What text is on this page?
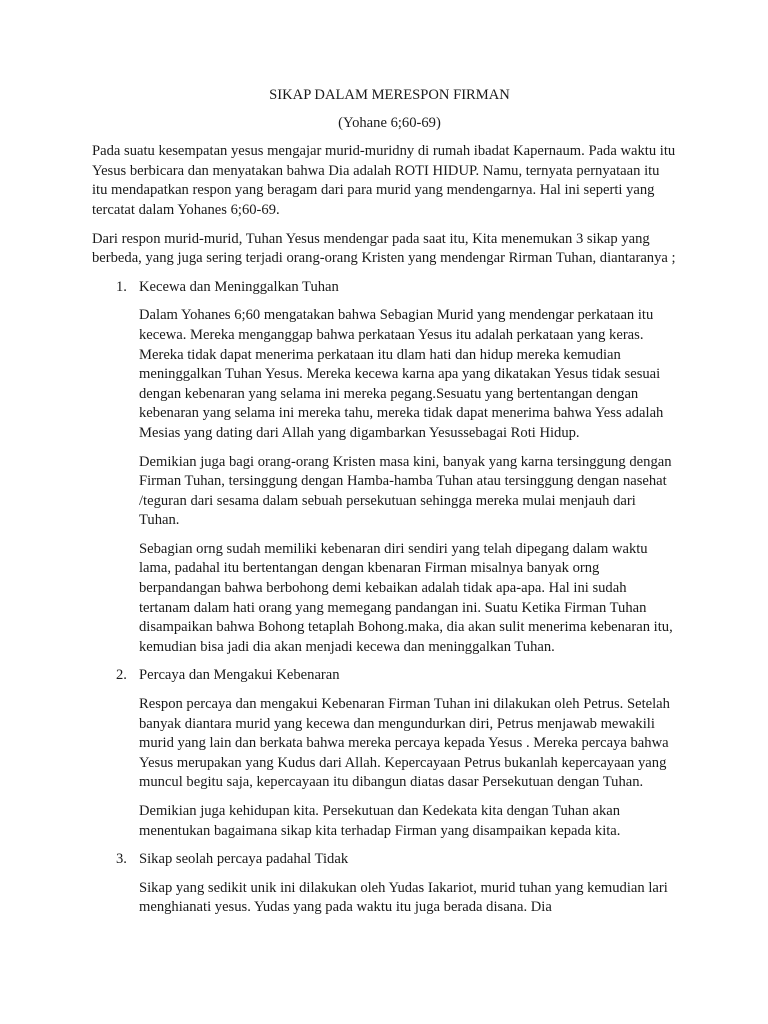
SIKAP DALAM MERESPON FIRMAN
(Yohane 6;60-69)

Pada suatu kesempatan yesus mengajar murid-muridny di rumah ibadat Kapernaum. Pada waktu itu Yesus berbicara dan menyatakan bahwa Dia adalah ROTI HIDUP. Namu, ternyata pernyataan itu itu mendapatkan respon yang beragam dari para murid yang mendengarnya. Hal ini seperti yang tercatat dalam Yohanes 6;60-69.

Dari respon murid-murid, Tuhan Yesus mendengar pada saat itu, Kita menemukan 3 sikap yang berbeda, yang juga sering terjadi orang-orang Kristen yang mendengar Rirman Tuhan, diantaranya ;

1. Kecewa dan Meninggalkan Tuhan

Dalam Yohanes 6;60 mengatakan bahwa Sebagian Murid yang mendengar perkataan itu kecewa. Mereka menganggap bahwa perkataan Yesus itu adalah perkataan yang keras. Mereka tidak dapat menerima perkataan itu dlam hati dan hidup mereka kemudian meninggalkan Tuhan Yesus. Mereka kecewa karna apa yang dikatakan Yesus tidak sesuai dengan kebenaran yang selama ini mereka pegang.Sesuatu yang bertentangan dengan kebenaran yang selama ini mereka tahu, mereka tidak dapat menerima bahwa Yess adalah Mesias yang dating dari Allah yang digambarkan Yesussebagai Roti Hidup.

Demikian juga bagi orang-orang Kristen masa kini, banyak yang karna tersinggung dengan Firman Tuhan, tersinggung dengan Hamba-hamba Tuhan atau tersinggung dengan nasehat /teguran dari sesama dalam sebuah persekutuan sehingga mereka mulai menjauh dari Tuhan.

Sebagian orng sudah memiliki kebenaran diri sendiri yang telah dipegang dalam waktu lama, padahal itu bertentangan dengan kbenaran Firman misalnya banyak orng berpandangan bahwa berbohong demi kebaikan adalah tidak apa-apa. Hal ini sudah tertanam dalam hati orang yang memegang pandangan ini. Suatu Ketika Firman Tuhan disampaikan bahwa Bohong tetaplah Bohong.maka, dia akan sulit menerima kebenaran itu, kemudian bisa jadi dia akan menjadi kecewa dan meninggalkan Tuhan.

2. Percaya dan Mengakui Kebenaran

Respon percaya dan mengakui Kebenaran Firman Tuhan ini dilakukan oleh Petrus. Setelah banyak diantara murid yang kecewa dan mengundurkan diri, Petrus menjawab mewakili murid yang lain dan berkata bahwa mereka percaya kepada Yesus . Mereka percaya bahwa Yesus merupakan yang Kudus dari Allah. Kepercayaan Petrus bukanlah kepercayaan yang muncul begitu saja, kepercayaan itu dibangun diatas dasar Persekutuan dengan Tuhan.

Demikian juga kehidupan kita. Persekutuan dan Kedekata kita dengan Tuhan akan menentukan bagaimana sikap kita terhadap Firman yang disampaikan kepada kita.

3. Sikap seolah percaya padahal Tidak

Sikap yang sedikit unik ini dilakukan oleh Yudas Iakariot, murid tuhan yang kemudian lari menghianati yesus. Yudas yang pada waktu itu juga berada disana. Dia
